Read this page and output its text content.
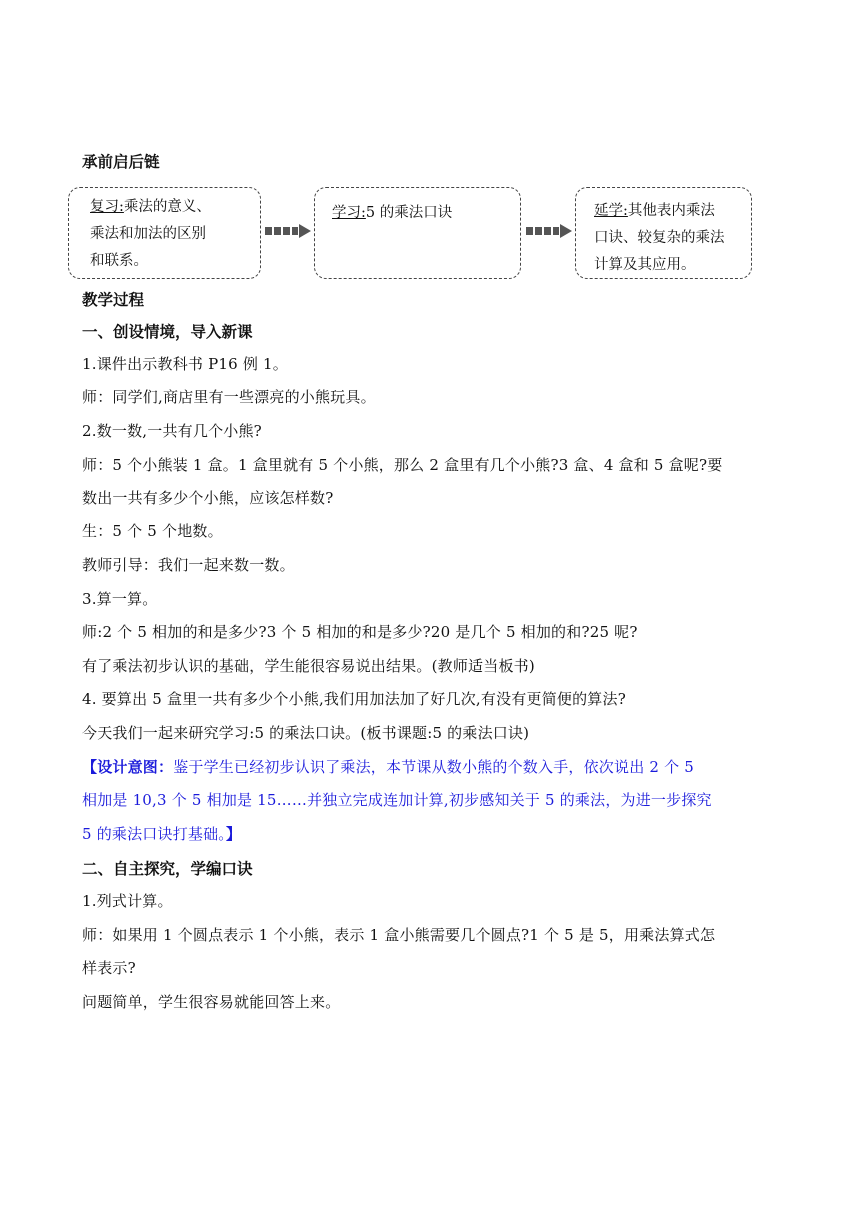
承前启后链
复习:乘法的意义、
乘法和加法的区别
和联系。
学习:5 的乘法口诀	延学:其他表内乘法
口诀、较复杂的乘法
计算及其应用。
教学过程
一、创设情境，导入新课
1.课件出示教科书 P16 例 1。
师：同学们,商店里有一些漂亮的小熊玩具。
2.数一数,一共有几个小熊?
师：5 个小熊装 1 盒。1 盒里就有 5 个小熊，那么 2 盒里有几个小熊?3 盒、4 盒和 5 盒呢?要
数出一共有多少个小熊，应该怎样数?
生：5 个 5 个地数。
教师引导：我们一起来数一数。
3.算一算。
师:2 个 5 相加的和是多少?3 个 5 相加的和是多少?20 是几个 5 相加的和?25 呢?
有了乘法初步认识的基础，学生能很容易说出结果。(教师适当板书)
4. 要算出 5 盒里一共有多少个小熊,我们用加法加了好几次,有没有更简便的算法?
今天我们一起来研究学习:5 的乘法口诀。(板书课题:5 的乘法口诀)
【设计意图：鉴于学生已经初步认识了乘法，本节课从数小熊的个数入手，依次说出 2 个 5
相加是 10,3 个 5 相加是 15……并独立完成连加计算,初步感知关于 5 的乘法，为进一步探究
5 的乘法口诀打基础。】
二、自主探究，学编口诀
1.列式计算。
师：如果用 1 个圆点表示 1 个小熊，表示 1 盒小熊需要几个圆点?1 个 5 是 5，用乘法算式怎
样表示?
问题简单，学生很容易就能回答上来。
